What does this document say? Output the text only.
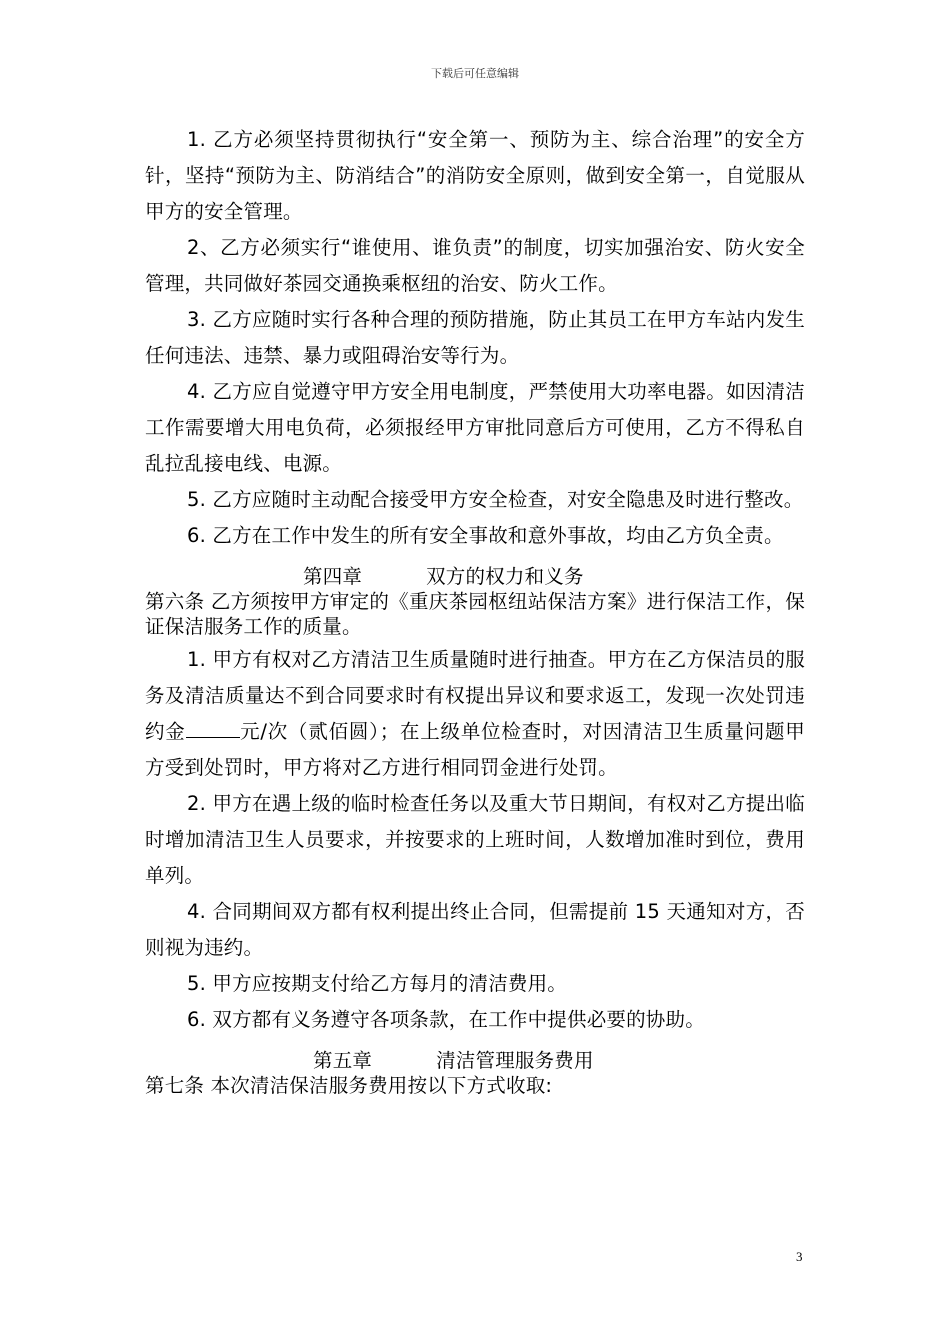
下载后可任意编辑

1. 乙方必须坚持贯彻执行“安全第一、预防为主、综合治理”的安全方针，坚持“预防为主、防消结合”的消防安全原则，做到安全第一，自觉服从甲方的安全管理。

2、乙方必须实行“谁使用、谁负责”的制度，切实加强治安、防火安全管理，共同做好茶园交通换乘枢纽的治安、防火工作。

3. 乙方应随时实行各种合理的预防措施，防止其员工在甲方车站内发生任何违法、违禁、暴力或阻碍治安等行为。

4. 乙方应自觉遵守甲方安全用电制度，严禁使用大功率电器。如因清洁工作需要增大用电负荷，必须报经甲方审批同意后方可使用，乙方不得私自乱拉乱接电线、电源。

5. 乙方应随时主动配合接受甲方安全检查，对安全隐患及时进行整改。

6. 乙方在工作中发生的所有安全事故和意外事故，均由乙方负全责。

第四章	双方的权力和义务

第六条 乙方须按甲方审定的《重庆茶园枢纽站保洁方案》进行保洁工作，保证保洁服务工作的质量。

1. 甲方有权对乙方清洁卫生质量随时进行抽查。甲方在乙方保洁员的服务及清洁质量达不到合同要求时有权提出异议和要求返工，发现一次处罚违约金	元/次（贰佰圆）；在上级单位检查时，对因清洁卫生质量问题甲方受到处罚时，甲方将对乙方进行相同罚金进行处罚。

2. 甲方在遇上级的临时检查任务以及重大节日期间，有权对乙方提出临时增加清洁卫生人员要求，并按要求的上班时间，人数增加准时到位，费用单列。

4. 合同期间双方都有权利提出终止合同，但需提前 15 天通知对方，否则视为违约。

5. 甲方应按期支付给乙方每月的清洁费用。

6. 双方都有义务遵守各项条款，在工作中提供必要的协助。

第五章	清洁管理服务费用

第七条 本次清洁保洁服务费用按以下方式收取:

3
